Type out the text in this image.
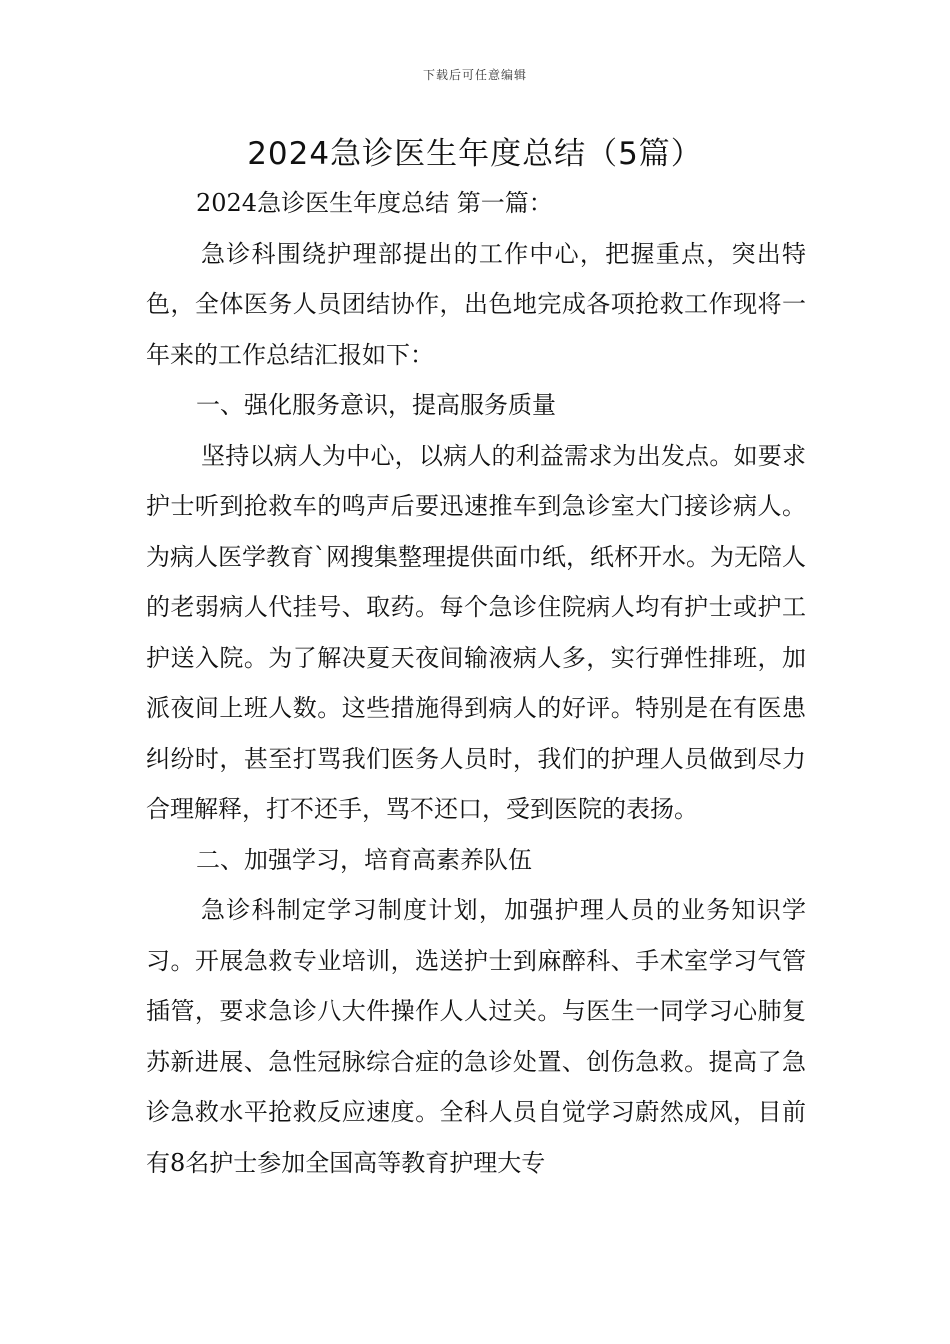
下载后可任意编辑
2024急诊医生年度总结（5篇）

2024急诊医生年度总结 第一篇：

急诊科围绕护理部提出的工作中心，把握重点，突出特色，全体医务人员团结协作，出色地完成各项抢救工作现将一年来的工作总结汇报如下：

一、强化服务意识，提高服务质量

坚持以病人为中心，以病人的利益需求为出发点。如要求护士听到抢救车的鸣声后要迅速推车到急诊室大门接诊病人。为病人医学教育`网搜集整理提供面巾纸，纸杯开水。为无陪人的老弱病人代挂号、取药。每个急诊住院病人均有护士或护工护送入院。为了解决夏天夜间输液病人多，实行弹性排班，加派夜间上班人数。这些措施得到病人的好评。特别是在有医患纠纷时，甚至打骂我们医务人员时，我们的护理人员做到尽力合理解释，打不还手，骂不还口，受到医院的表扬。

二、加强学习，培育高素养队伍

急诊科制定学习制度计划，加强护理人员的业务知识学习。开展急救专业培训，选送护士到麻醉科、手术室学习气管插管，要求急诊八大件操作人人过关。与医生一同学习心肺复苏新进展、急性冠脉综合症的急诊处置、创伤急救。提高了急诊急救水平抢救反应速度。全科人员自觉学习蔚然成风，目前有8名护士参加全国高等教育护理大专
